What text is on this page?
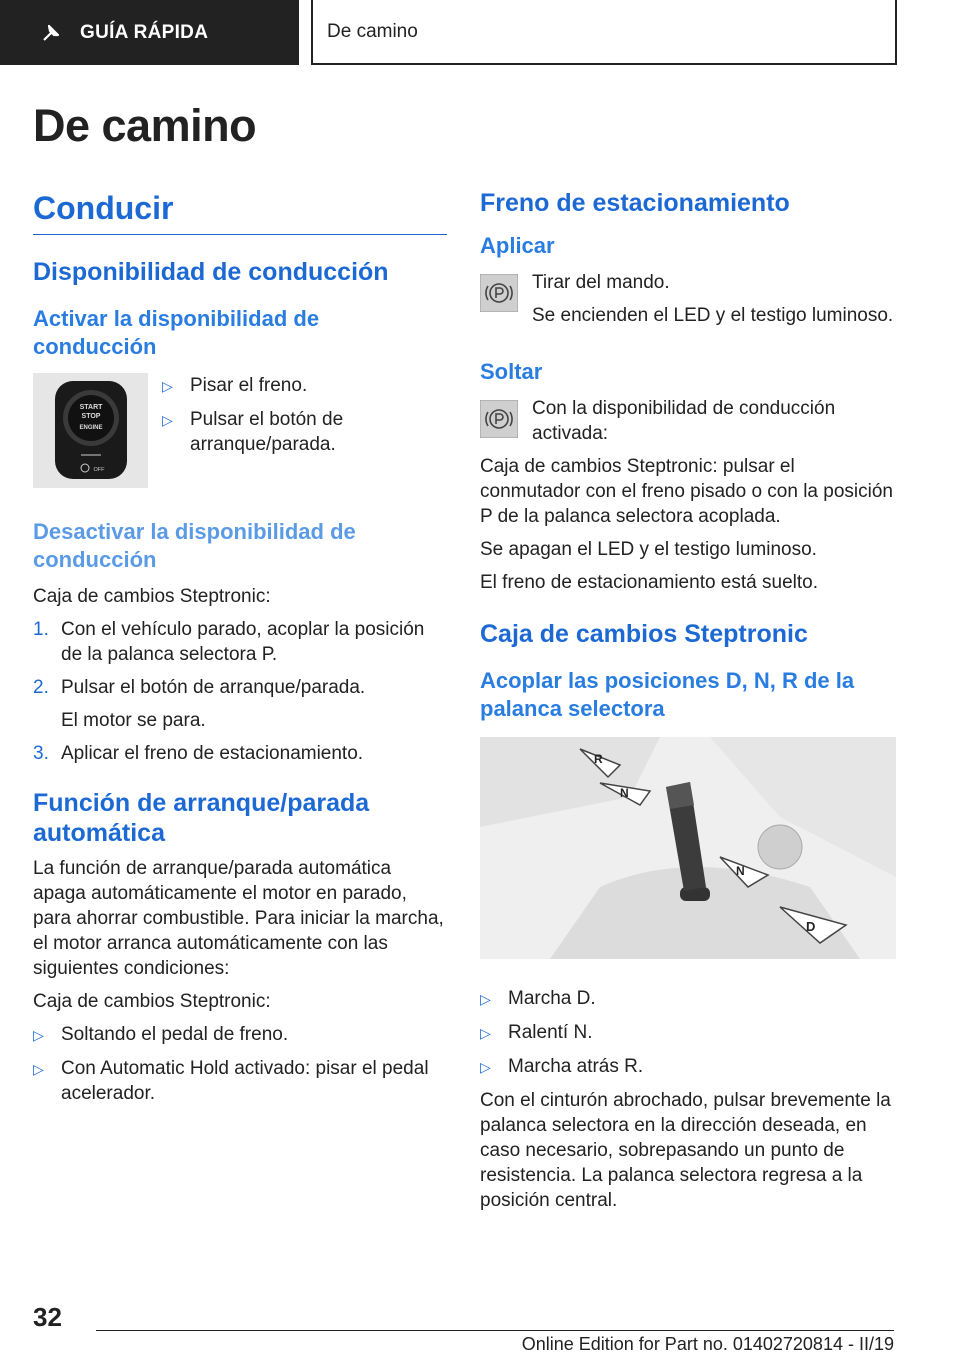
GUÍA RÁPIDA	De camino
De camino
Conducir
Disponibilidad de conducción
Activar la disponibilidad de conducción
START
STOP
ENGINE
OFF
▷ Pisar el freno.
▷ Pulsar el botón de arranque/parada.
Desactivar la disponibilidad de conducción

Caja de cambios Steptronic:

1. Con el vehículo parado, acoplar la posición de la palanca selectora P.
2. Pulsar el botón de arranque/parada.
El motor se para.
3. Aplicar el freno de estacionamiento.
Función de arranque/parada automática

La función de arranque/parada automática apaga automáticamente el motor en parado, para ahorrar combustible. Para iniciar la marcha, el motor arranca automáticamente con las siguientes condiciones:

Caja de cambios Steptronic:

▷ Soltando el pedal de freno.
▷ Con Automatic Hold activado: pisar el pedal acelerador.
Freno de estacionamiento
Aplicar

Tirar del mando.

Se encienden el LED y el testigo luminoso.

Soltar

Con la disponibilidad de conducción activada:

Caja de cambios Steptronic: pulsar el conmutador con el freno pisado o con la posición P de la palanca selectora acoplada.

Se apagan el LED y el testigo luminoso.

El freno de estacionamiento está suelto.

Caja de cambios Steptronic
Acoplar las posiciones D, N, R de la palanca selectora
R
N
N
D
▷ Marcha D.
▷ Ralentí N.
▷ Marcha atrás R.

Con el cinturón abrochado, pulsar brevemente la palanca selectora en la dirección deseada, en caso necesario, sobrepasando un punto de resistencia. La palanca selectora regresa a la posición central.

32
Online Edition for Part no. 01402720814 - II/19
